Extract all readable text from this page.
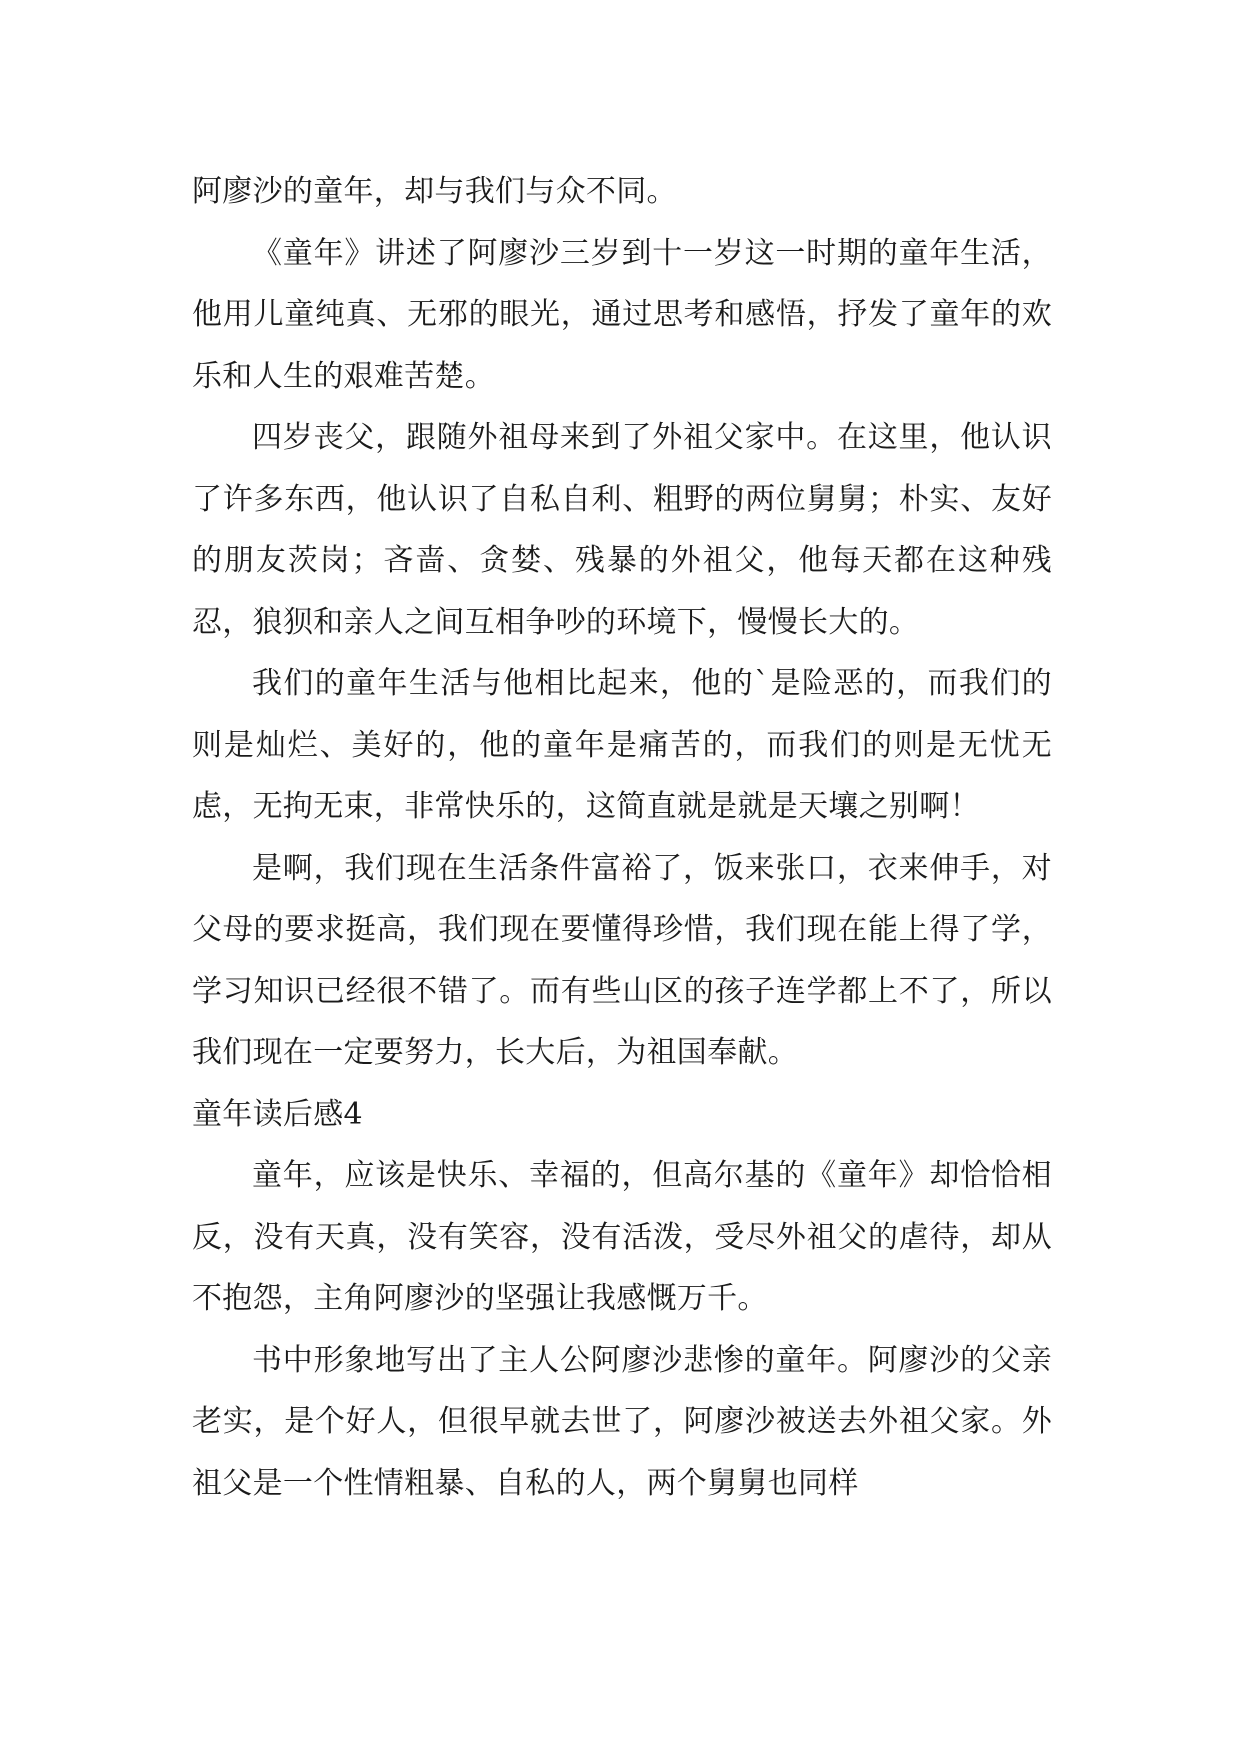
阿廖沙的童年，却与我们与众不同。

《童年》讲述了阿廖沙三岁到十一岁这一时期的童年生活，他用儿童纯真、无邪的眼光，通过思考和感悟，抒发了童年的欢乐和人生的艰难苦楚。

四岁丧父，跟随外祖母来到了外祖父家中。在这里，他认识了许多东西，他认识了自私自利、粗野的两位舅舅；朴实、友好的朋友茨岗；吝啬、贪婪、残暴的外祖父，他每天都在这种残忍，狼狈和亲人之间互相争吵的环境下，慢慢长大的。

我们的童年生活与他相比起来，他的`是险恶的，而我们的则是灿烂、美好的，他的童年是痛苦的，而我们的则是无忧无虑，无拘无束，非常快乐的，这简直就是就是天壤之别啊！

是啊，我们现在生活条件富裕了，饭来张口，衣来伸手，对父母的要求挺高，我们现在要懂得珍惜，我们现在能上得了学，学习知识已经很不错了。而有些山区的孩子连学都上不了，所以我们现在一定要努力，长大后，为祖国奉献。

童年读后感4

童年，应该是快乐、幸福的，但高尔基的《童年》却恰恰相反，没有天真，没有笑容，没有活泼，受尽外祖父的虐待，却从不抱怨，主角阿廖沙的坚强让我感慨万千。

书中形象地写出了主人公阿廖沙悲惨的童年。阿廖沙的父亲老实，是个好人，但很早就去世了，阿廖沙被送去外祖父家。外祖父是一个性情粗暴、自私的人，两个舅舅也同样
